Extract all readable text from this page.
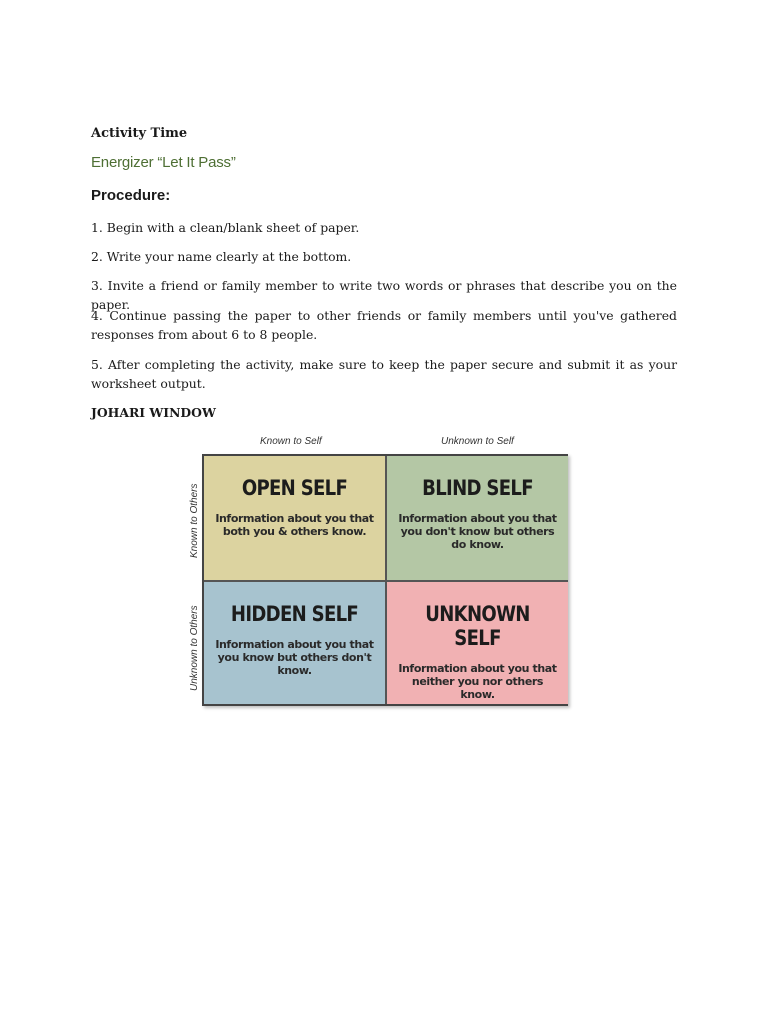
Activity Time
Energizer “Let It Pass”
Procedure:

1. Begin with a clean/blank sheet of paper.

2. Write your name clearly at the bottom.

3. Invite a friend or family member to write two words or phrases that describe you on the paper.

4. Continue passing the paper to other friends or family members until you've gathered responses from about 6 to 8 people.

5. After completing the activity, make sure to keep the paper secure and submit it as your worksheet output.

JOHARI WINDOW
Known to Self	Unknown to Self
Known to Others
Unknown to Others
OPEN SELF
Information about you that both you & others know.
BLIND SELF
Information about you that you don't know but others do know.
HIDDEN SELF
Information about you that you know but others don't know.
UNKNOWN SELF
Information about you that neither you nor others know.
